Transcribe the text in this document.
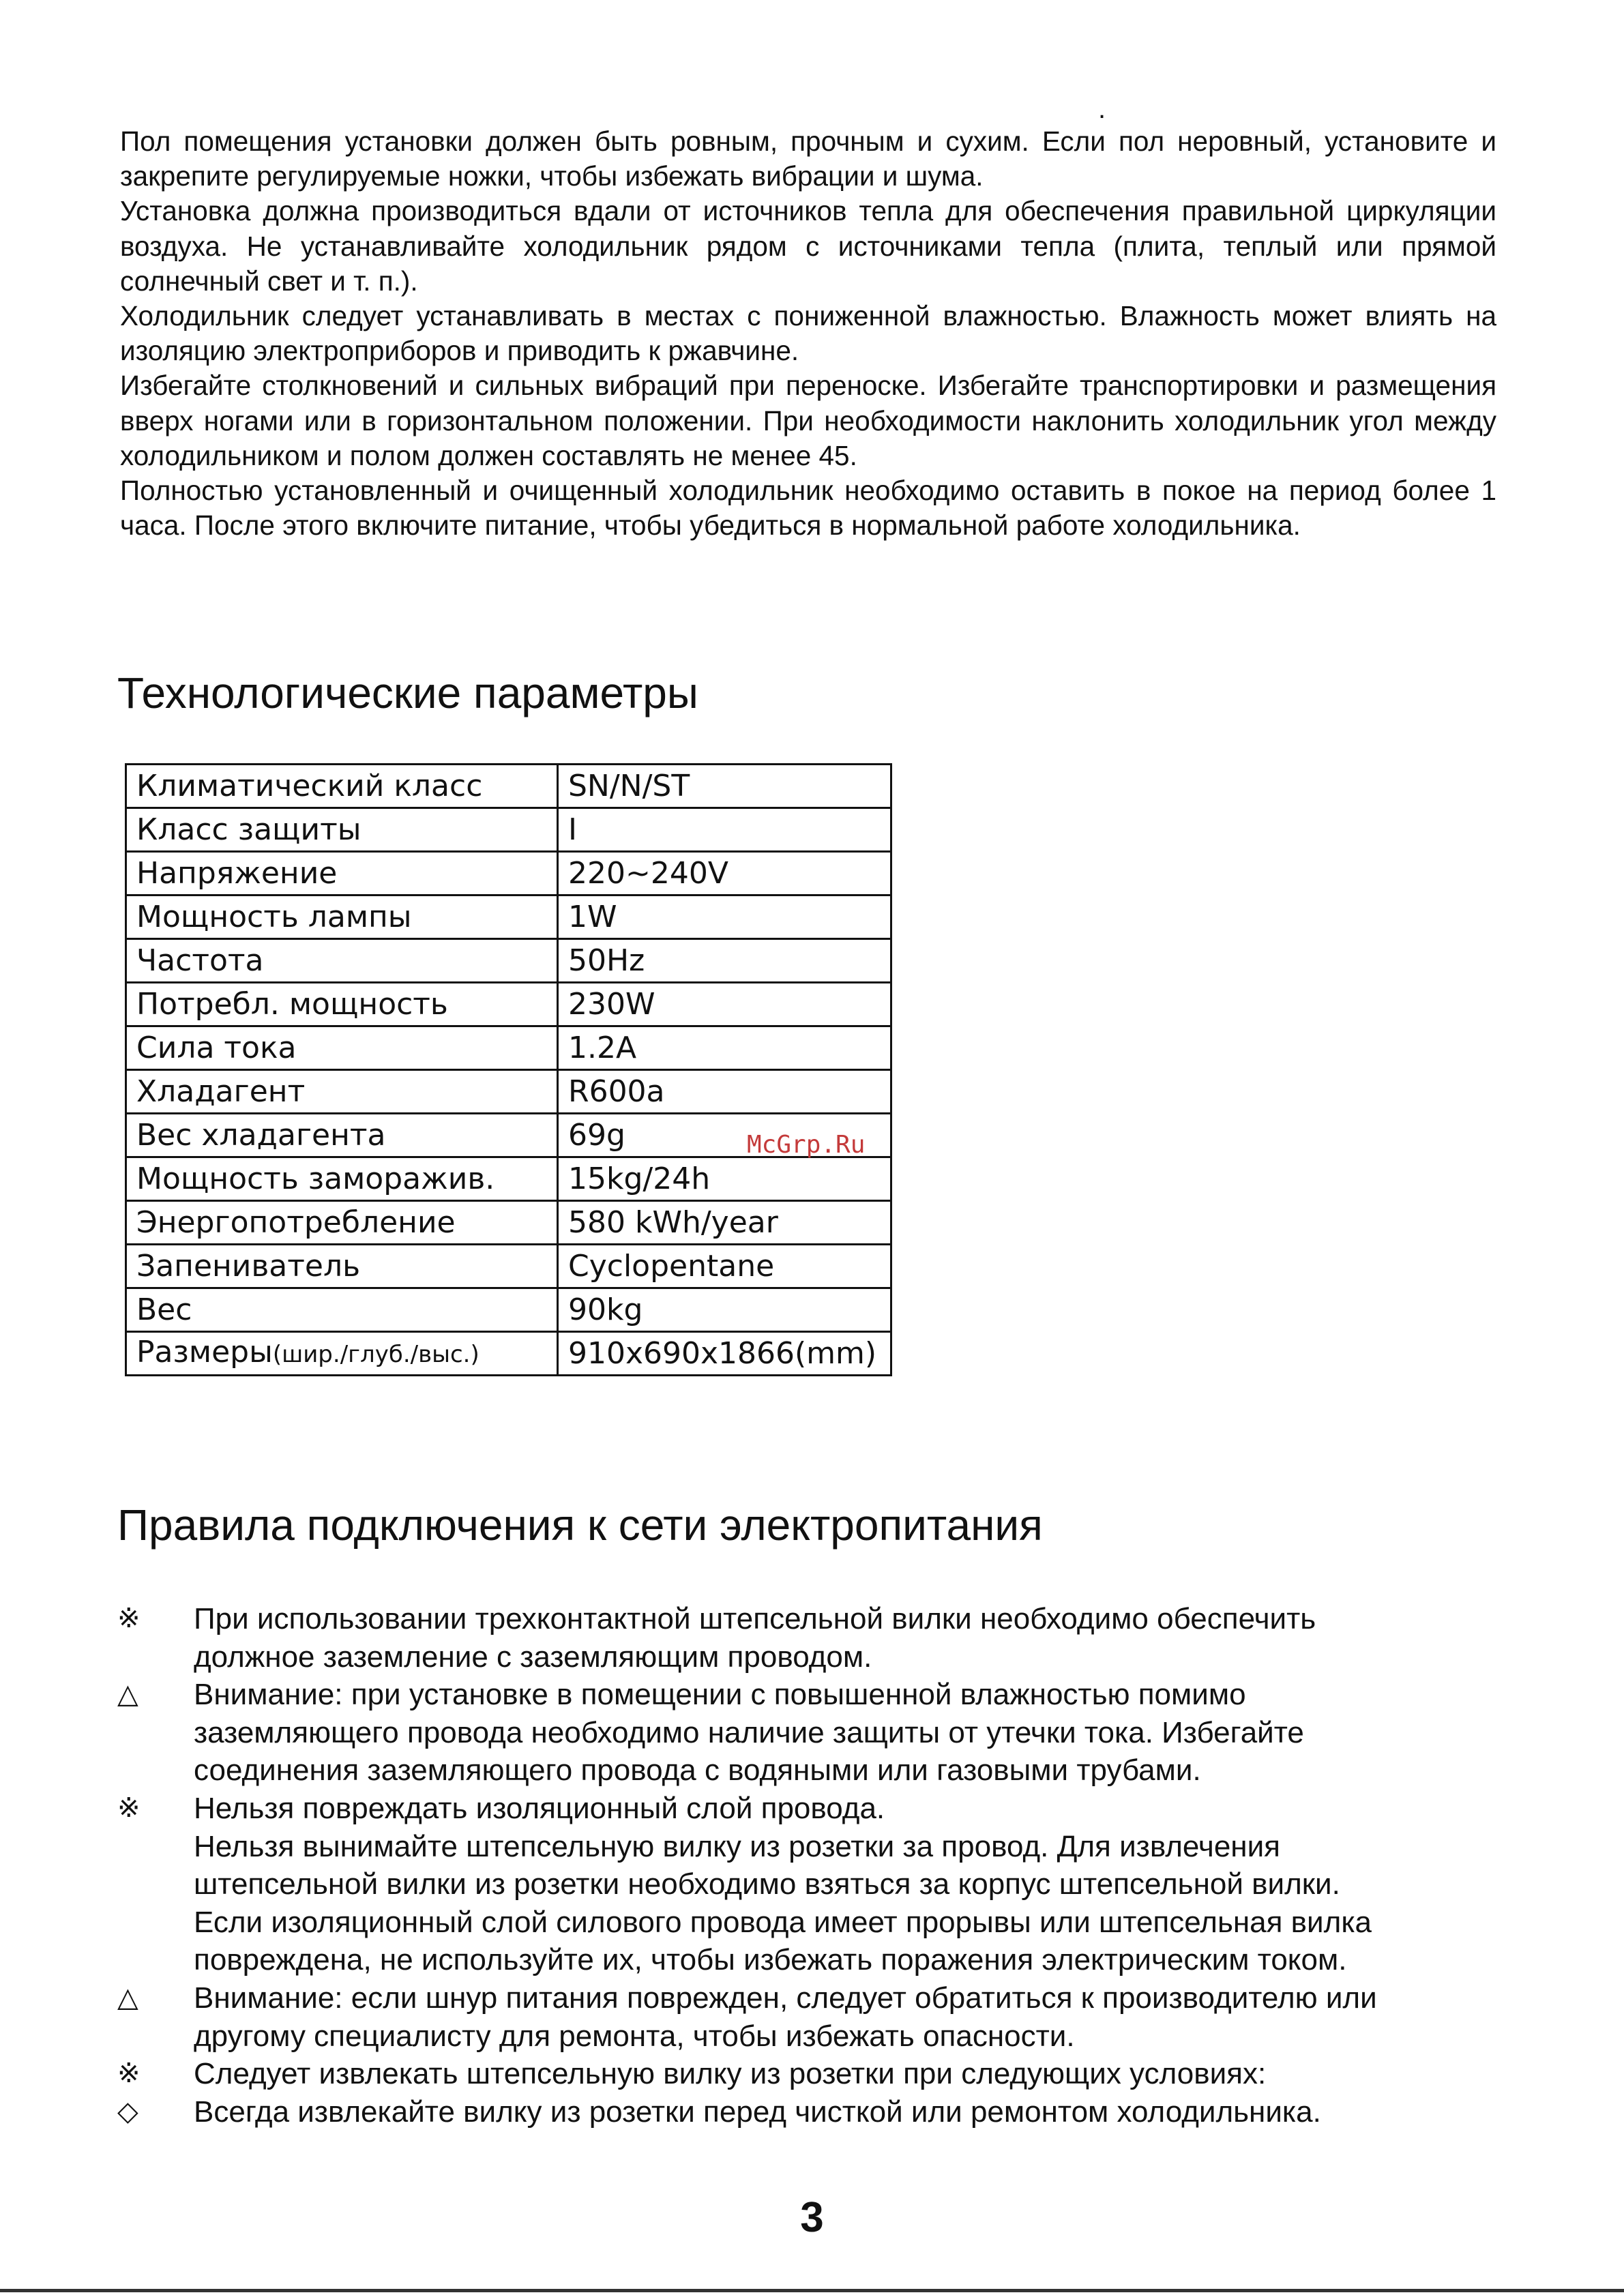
.

Пол помещения установки должен быть ровным, прочным и сухим. Если пол неровный, установите и закрепите регулируемые ножки, чтобы избежать вибрации и шума.

Установка должна производиться вдали от источников тепла для обеспечения правильной циркуляции воздуха. Не устанавливайте холодильник рядом с источниками тепла (плита, теплый или прямой солнечный свет и т. п.).

Холодильник следует устанавливать в местах с пониженной влажностью. Влажность может влиять на изоляцию электроприборов и приводить к ржавчине.

Избегайте столкновений и сильных вибраций при переноске. Избегайте транспортировки и размещения вверх ногами или в горизонтальном положении. При необходимости наклонить холодильник угол между холодильником и полом должен составлять не менее 45.

Полностью установленный и очищенный холодильник необходимо оставить в покое на период более 1 часа. После этого включите питание, чтобы убедиться в нормальной работе холодильника.

Технологические параметры
Климатический класс	SN/N/ST
Класс защиты	I
Напряжение	220~240V
Мощность лампы	1W
Частота	50Hz
Потребл. мощность	230W
Сила тока	1.2A
Хладагент	R600a
Вес хладагента	69g
Мощность заморажив.	15kg/24h
Энергопотребление	580 kWh/year
Запениватель	Cyclopentane
Вес	90kg
Размеры(шир./глуб./выс.)	910x690x1866(mm)
McGrp.Ru
Правила подключения к сети электропитания
※	При использовании трехконтактной штепсельной вилки необходимо обеспечить
должное заземление с заземляющим проводом.
△	Внимание: при установке в помещении с повышенной влажностью помимо
заземляющего провода необходимо наличие защиты от утечки тока. Избегайте
соединения заземляющего провода с водяными или газовыми трубами.
※	Нельзя повреждать изоляционный слой провода.
Нельзя вынимайте штепсельную вилку из розетки за провод. Для извлечения
штепсельной вилки из розетки необходимо взяться за корпус штепсельной вилки.
Если изоляционный слой силового провода имеет прорывы или штепсельная вилка
повреждена, не используйте их, чтобы избежать поражения электрическим током.
△	Внимание: если шнур питания поврежден, следует обратиться к производителю или
другому специалисту для ремонта, чтобы избежать опасности.
※	Следует извлекать штепсельную вилку из розетки при следующих условиях:
◇	Всегда извлекайте вилку из розетки перед чисткой или ремонтом холодильника.
3
